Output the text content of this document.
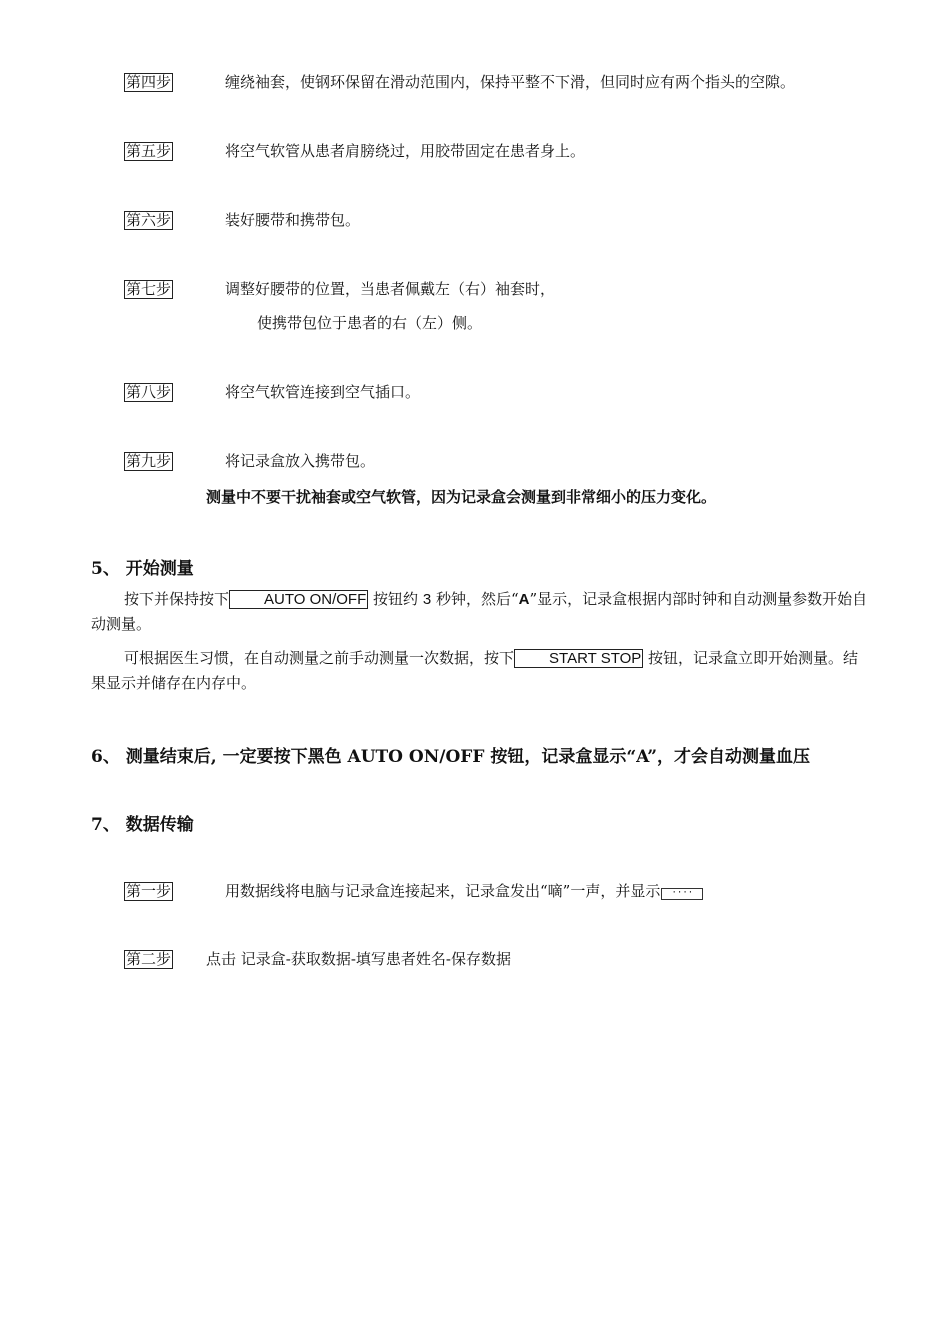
第四步	缠绕袖套，使钢环保留在滑动范围内，保持平整不下滑，但同时应有两个指头的空隙。
第五步	将空气软管从患者肩膀绕过，用胶带固定在患者身上。
第六步	装好腰带和携带包。
第七步	调整好腰带的位置，当患者佩戴左（右）袖套时，
使携带包位于患者的右（左）侧。
第八步	将空气软管连接到空气插口。
第九步	将记录盒放入携带包。
测量中不要干扰袖套或空气软管，因为记录盒会测量到非常细小的压力变化。
5、 开始测量

按下并保持按下 AUTO ON/OFF 按钮约 3 秒钟，然后“A”显示，记录盒根据内部时钟和自动测量参数开始自动测量。

可根据医生习惯，在自动测量之前手动测量一次数据，按下 START STOP 按钮，记录盒立即开始测量。结果显示并储存在内存中。

6、 测量结束后, 一定要按下黑色 AUTO ON/OFF 按钮，记录盒显示“A”，才会自动测量血压
7、 数据传输
第一步	用数据线将电脑与记录盒连接起来，记录盒发出“嘀”一声，并显示 ····
第二步 点击 记录盒-获取数据-填写患者姓名-保存数据
